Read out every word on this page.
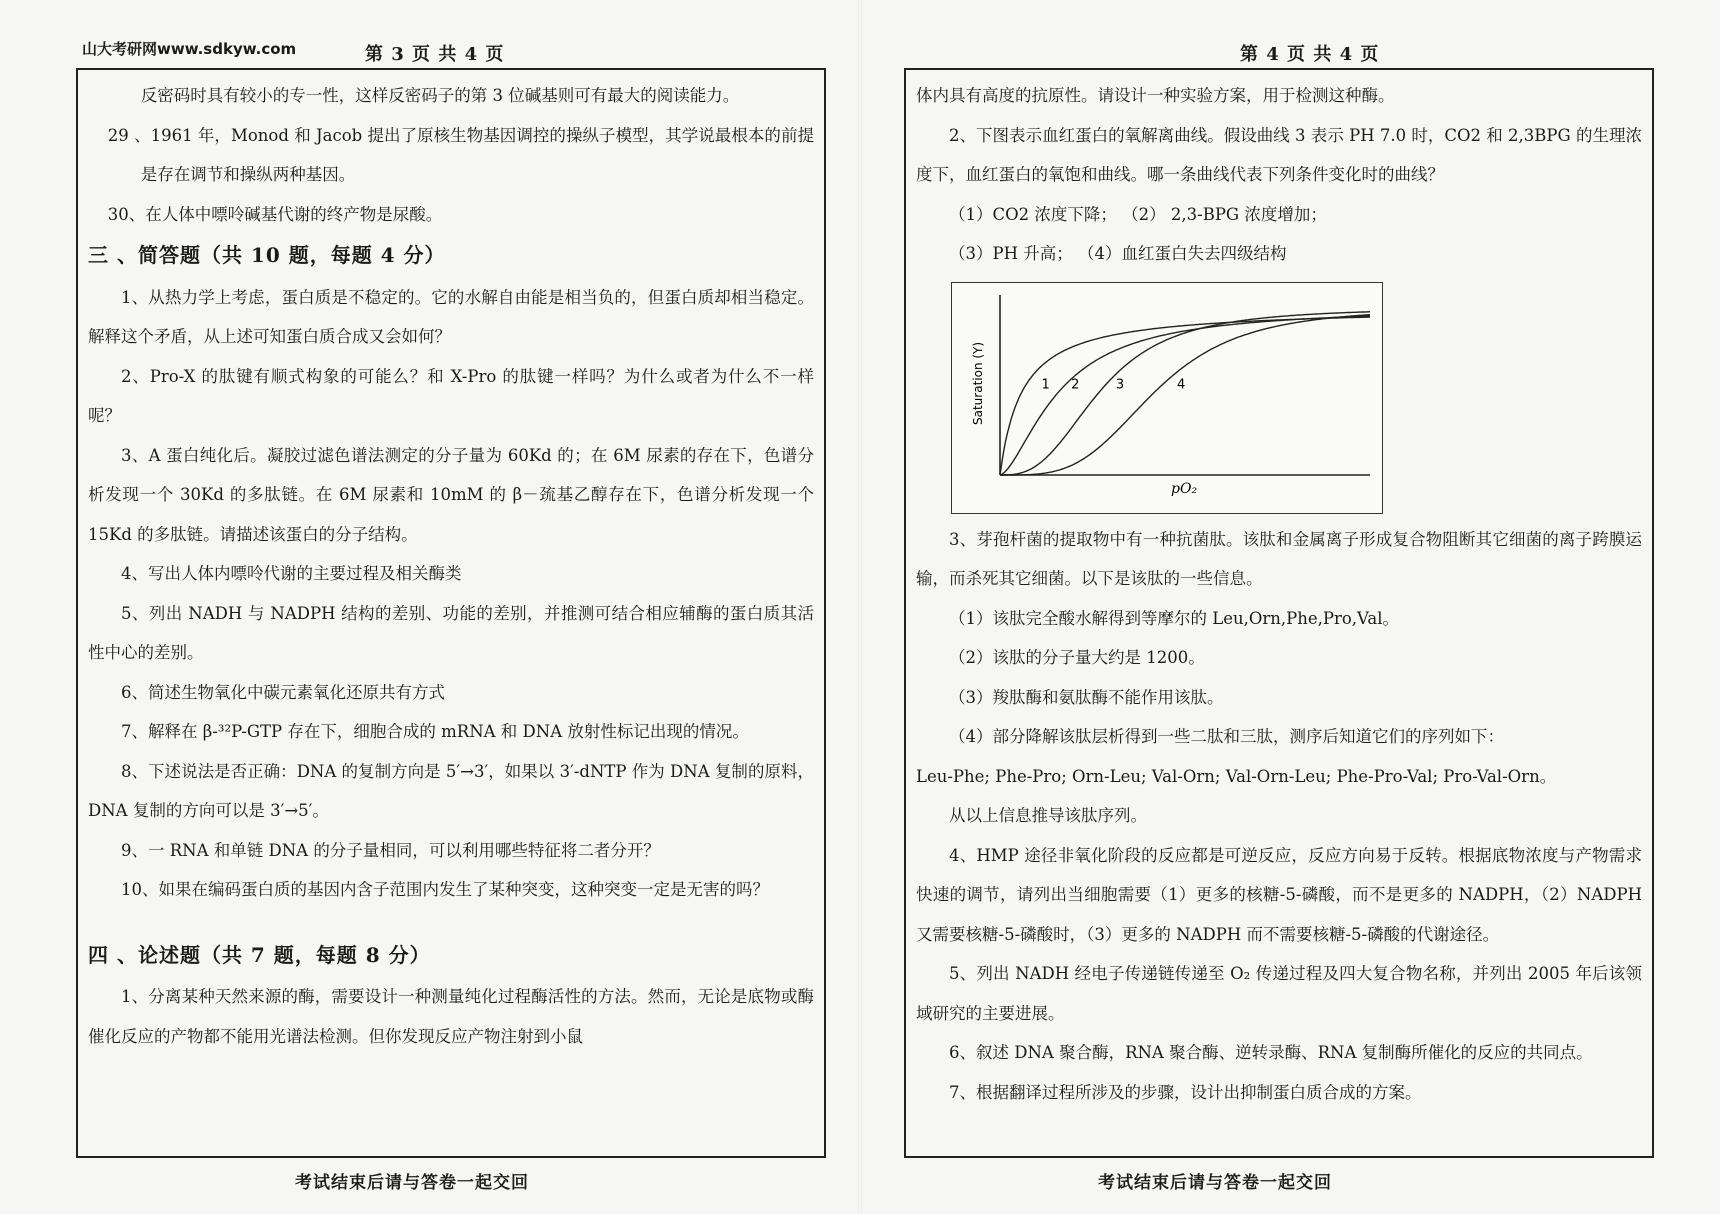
山大考研网www.sdkyw.com	第 3 页 共 4 页

反密码时具有较小的专一性，这样反密码子的第 3 位碱基则可有最大的阅读能力。

29 、1961 年，Monod 和 Jacob 提出了原核生物基因调控的操纵子模型，其学说最根本的前提是存在调节和操纵两种基因。

30、在人体中嘌呤碱基代谢的终产物是尿酸。

三 、简答题（共 10 题，每题 4 分）

1、从热力学上考虑，蛋白质是不稳定的。它的水解自由能是相当负的，但蛋白质却相当稳定。解释这个矛盾，从上述可知蛋白质合成又会如何？

2、Pro-X 的肽键有顺式构象的可能么？和 X-Pro 的肽键一样吗？为什么或者为什么不一样呢？

3、A 蛋白纯化后。凝胶过滤色谱法测定的分子量为 60Kd 的；在 6M 尿素的存在下，色谱分析发现一个 30Kd 的多肽链。在 6M 尿素和 10mM 的 β－巯基乙醇存在下，色谱分析发现一个 15Kd 的多肽链。请描述该蛋白的分子结构。

4、写出人体内嘌呤代谢的主要过程及相关酶类

5、列出 NADH 与 NADPH 结构的差别、功能的差别，并推测可结合相应辅酶的蛋白质其活性中心的差别。

6、简述生物氧化中碳元素氧化还原共有方式

7、解释在 β-³²P-GTP 存在下，细胞合成的 mRNA 和 DNA 放射性标记出现的情况。

8、下述说法是否正确：DNA 的复制方向是 5′→3′，如果以 3′-dNTP 作为 DNA 复制的原料，DNA 复制的方向可以是 3′→5′。

9、一 RNA 和单链 DNA 的分子量相同，可以利用哪些特征将二者分开？

10、如果在编码蛋白质的基因内含子范围内发生了某种突变，这种突变一定是无害的吗？

四 、论述题（共 7 题，每题 8 分）

1、分离某种天然来源的酶，需要设计一种测量纯化过程酶活性的方法。然而，无论是底物或酶催化反应的产物都不能用光谱法检测。但你发现反应产物注射到小鼠

考试结束后请与答卷一起交回
第 4 页 共 4 页

体内具有高度的抗原性。请设计一种实验方案，用于检测这种酶。

2、下图表示血红蛋白的氧解离曲线。假设曲线 3 表示 PH 7.0 时，CO2 和 2,3BPG 的生理浓度下，血红蛋白的氧饱和曲线。哪一条曲线代表下列条件变化时的曲线？

（1）CO2 浓度下降； （2） 2,3-BPG 浓度增加；

（3）PH 升高； （4）血红蛋白失去四级结构

1 2	3	4
Saturation (Y)
pO₂

3、芽孢杆菌的提取物中有一种抗菌肽。该肽和金属离子形成复合物阻断其它细菌的离子跨膜运输，而杀死其它细菌。以下是该肽的一些信息。

（1）该肽完全酸水解得到等摩尔的 Leu,Orn,Phe,Pro,Val。

（2）该肽的分子量大约是 1200。

（3）羧肽酶和氨肽酶不能作用该肽。

（4）部分降解该肽层析得到一些二肽和三肽，测序后知道它们的序列如下：

Leu-Phe; Phe-Pro; Orn-Leu; Val-Orn; Val-Orn-Leu; Phe-Pro-Val; Pro-Val-Orn。

从以上信息推导该肽序列。

4、HMP 途径非氧化阶段的反应都是可逆反应，反应方向易于反转。根据底物浓度与产物需求快速的调节，请列出当细胞需要（1）更多的核糖-5-磷酸，而不是更多的 NADPH，（2）NADPH 又需要核糖-5-磷酸时，（3）更多的 NADPH 而不需要核糖-5-磷酸的代谢途径。

5、列出 NADH 经电子传递链传递至 O₂ 传递过程及四大复合物名称，并列出 2005 年后该领域研究的主要进展。

6、叙述 DNA 聚合酶，RNA 聚合酶、逆转录酶、RNA 复制酶所催化的反应的共同点。

7、根据翻译过程所涉及的步骤，设计出抑制蛋白质合成的方案。

考试结束后请与答卷一起交回
